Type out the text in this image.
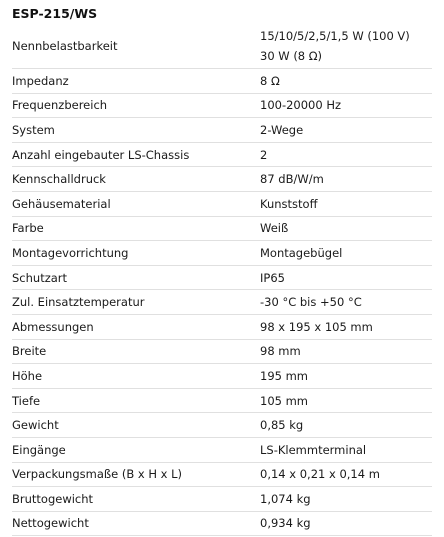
ESP-215/WS
Nennbelastbarkeit	15/10/5/2,5/1,5 W (100 V)
30 W (8 Ω)

Impedanz	8 Ω

Frequenzbereich	100-20000 Hz

System	2-Wege

Anzahl eingebauter LS-Chassis	2

Kennschalldruck	87 dB/W/m

Gehäusematerial	Kunststoff

Farbe	Weiß

Montagevorrichtung	Montagebügel

Schutzart	IP65

Zul. Einsatztemperatur	-30 °C bis +50 °C

Abmessungen	98 x 195 x 105 mm

Breite	98 mm

Höhe	195 mm

Tiefe	105 mm

Gewicht	0,85 kg

Eingänge	LS-Klemmterminal

Verpackungsmaße (B x H x L)	0,14 x 0,21 x 0,14 m

Bruttogewicht	1,074 kg

Nettogewicht	0,934 kg
